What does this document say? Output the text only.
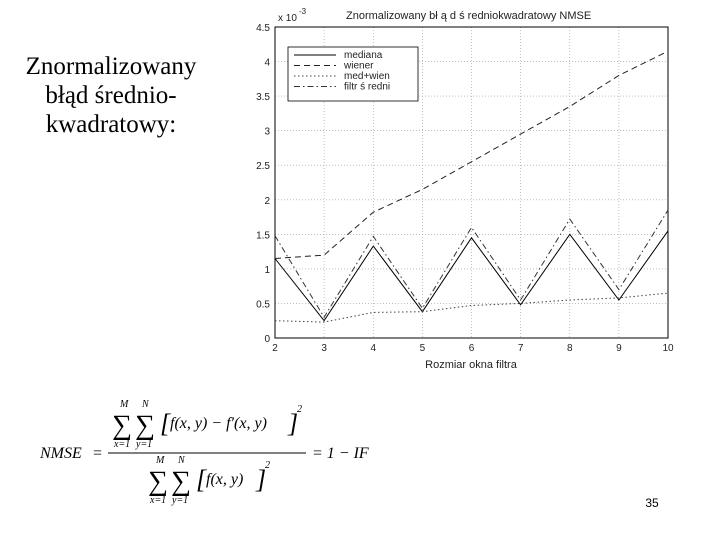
Znormalizowany
błąd średnio-
kwadratowy:
2	3	4	5	6	7	8	9	10
0
0.5
1
1.5
2
2.5
3
3.5
4
4.5
mediana
wiener
med+wien
filtr ś redni
Znormalizowany bł ą d ś redniokwadratowy NMSE
x 10
-3
Rozmiar okna filtra
M N
∑ ∑
x=1 y=1
[ f(x, y) − f′(x, y) ]
2
NMSE =	M N
∑ ∑
x=1 y=1
[ f(x, y) ]
2
= 1 − IF
35
